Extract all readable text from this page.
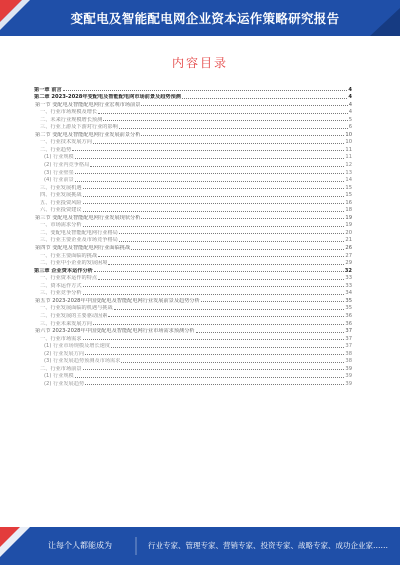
变配电及智能配电网企业资本运作策略研究报告
内容目录
第一章 前言	4
第二章 2023-2028年变配电及智能配电网市场前景及趋势预测	4
第一节 变配电及智能配电网行业宏观市场前景	4
一、行业市场规模及增长	4
二、未来行业规模增长预测	5
三、行业上游及下游对行业的影响	6
第二节 变配电及智能配电网行业发展前景分析	10
一、行业技术发展方向	10
二、行业趋势	11
(1) 行业规模	11
(2) 行业内竞争格局	12
(3) 行业壁垒	13
(4) 行业前景	14
三、行业发展机遇	15
四、行业发展挑战	15
五、行业投资风险	16
六、行业投资建议	18
第三节 变配电及智能配电网行业发展现状分析	19
一、市场需求分析	19
二、变配电及智能配电网行业格局	20
三、行业主要企业及市场竞争格局	21
第四节 变配电及智能配电网行业面临挑战	26
一、行业主要面临的挑战	27
二、行业中小企业的发展困境	29
第三章 企业资本运作分析	32
一、行业资本运作的特点	33
二、资本运作方式	33
三、行业竞争分析	34
第五节 2023-2028年中国变配电及智能配电网行业发展前景及趋势分析	35
一、行业发展面临的机遇与挑战	35
二、行业发展的主要驱动因素	36
三、行业未来发展方向	36
第六节 2023-2028年中国变配电及智能配电网行业市场需求预测分析	37
一、行业市场需求	37
(1) 行业市场规模及增长速度	37
(2) 行业发展方向	38
(3) 行业发展趋势预测及市场需求	38
二、行业市场前景	39
(1) 行业规模	39
(2) 行业发展趋势	39
让每个人都能成为	行业专家、管理专家、营销专家、投资专家、战略专家、成功企业家……
